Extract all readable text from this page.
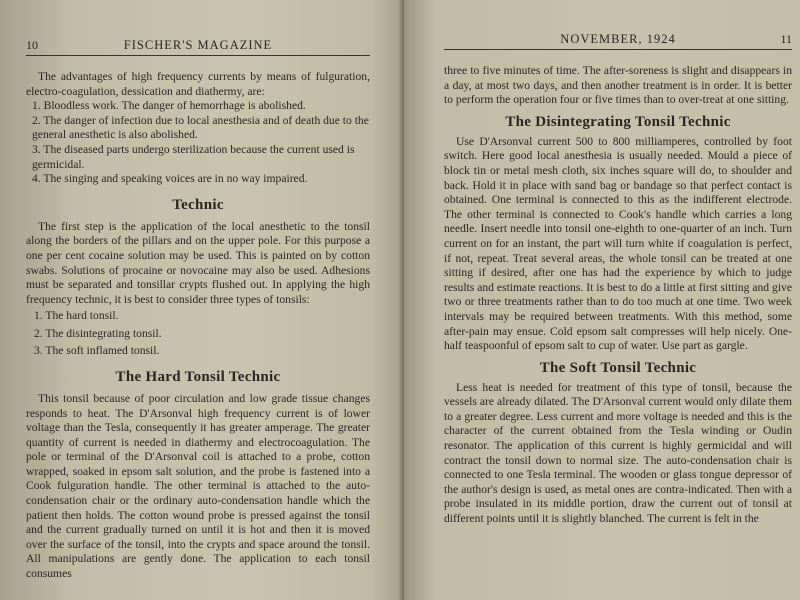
10	FISCHER'S MAGAZINE

The advantages of high frequency currents by means of fulguration, electro-coagulation, dessication and diathermy, are:

1. Bloodless work. The danger of hemorrhage is abolished.
2. The danger of infection due to local anesthesia and of death due to the general anesthetic is also abolished.
3. The diseased parts undergo sterilization because the current used is germicidal.
4. The singing and speaking voices are in no way impaired.
Technic

The first step is the application of the local anesthetic to the tonsil along the borders of the pillars and on the upper pole. For this purpose a one per cent cocaine solution may be used. This is painted on by cotton swabs. Solutions of procaine or novocaine may also be used. Adhesions must be separated and tonsillar crypts flushed out. In applying the high frequency technic, it is best to consider three types of tonsils:

1. The hard tonsil.
2. The disintegrating tonsil.
3. The soft inflamed tonsil.
The Hard Tonsil Technic

This tonsil because of poor circulation and low grade tissue changes responds to heat. The D'Arsonval high frequency current is of lower voltage than the Tesla, consequently it has greater amperage. The greater quantity of current is needed in diathermy and electrocoagulation. The pole or terminal of the D'Arsonval coil is attached to a probe, cotton wrapped, soaked in epsom salt solution, and the probe is fastened into a Cook fulguration handle. The other terminal is attached to the auto-condensation chair or the ordinary auto-condensation handle which the patient then holds. The cotton wound probe is pressed against the tonsil and the current gradually turned on until it is hot and then it is moved over the surface of the tonsil, into the crypts and space around the tonsil. All manipulations are gently done. The application to each tonsil consumes

NOVEMBER, 1924	11

three to five minutes of time. The after-soreness is slight and disappears in a day, at most two days, and then another treatment is in order. It is better to perform the operation four or five times than to over-treat at one sitting.

The Disintegrating Tonsil Technic

Use D'Arsonval current 500 to 800 milliamperes, controlled by foot switch. Here good local anesthesia is usually needed. Mould a piece of block tin or metal mesh cloth, six inches square will do, to shoulder and back. Hold it in place with sand bag or bandage so that perfect contact is obtained. One terminal is connected to this as the indifferent electrode. The other terminal is connected to Cook's handle which carries a long needle. Insert needle into tonsil one-eighth to one-quarter of an inch. Turn current on for an instant, the part will turn white if coagulation is perfect, if not, repeat. Treat several areas, the whole tonsil can be treated at one sitting if desired, after one has had the experience by which to judge results and estimate reactions. It is best to do a little at first sitting and give two or three treatments rather than to do too much at one time. Two week intervals may be required between treatments. With this method, some after-pain may ensue. Cold epsom salt compresses will help nicely. One-half teaspoonful of epsom salt to cup of water. Use part as gargle.

The Soft Tonsil Technic

Less heat is needed for treatment of this type of tonsil, because the vessels are already dilated. The D'Arsonval current would only dilate them to a greater degree. Less current and more voltage is needed and this is the character of the current obtained from the Tesla winding or Oudin resonator. The application of this current is highly germicidal and will contract the tonsil down to normal size. The auto-condensation chair is connected to one Tesla terminal. The wooden or glass tongue depressor of the author's design is used, as metal ones are contra-indicated. Then with a probe insulated in its middle portion, draw the current out of tonsil at different points until it is slightly blanched. The current is felt in the
